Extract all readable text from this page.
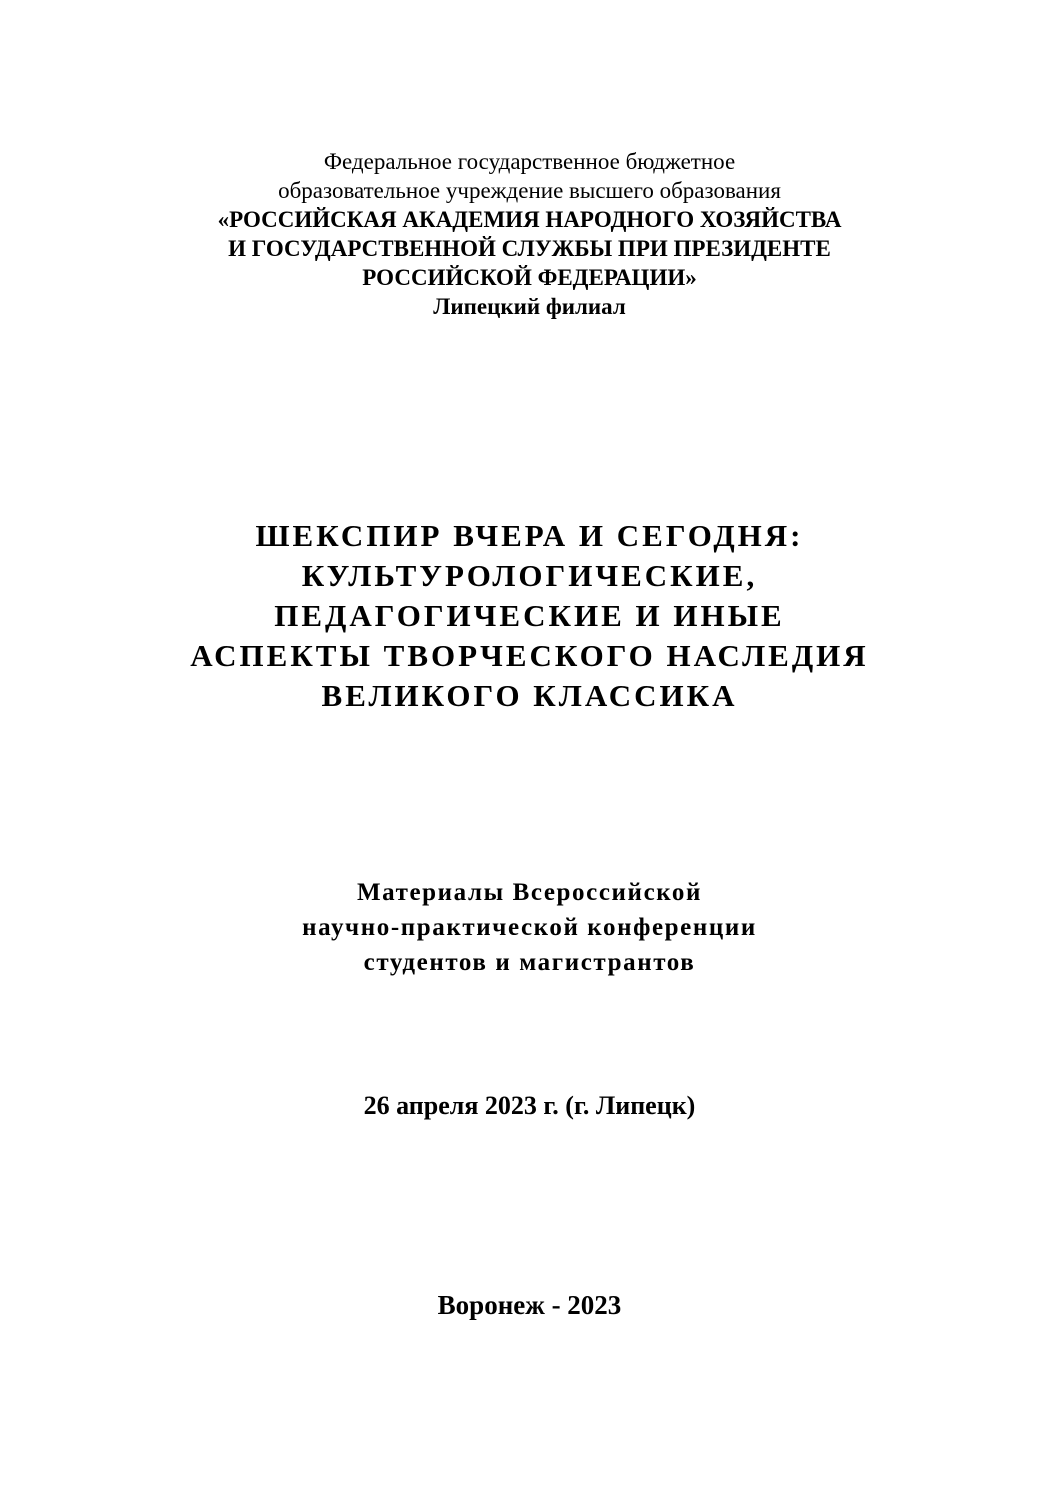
Федеральное государственное бюджетное
образовательное учреждение высшего образования
«РОССИЙСКАЯ АКАДЕМИЯ НАРОДНОГО ХОЗЯЙСТВА
И ГОСУДАРСТВЕННОЙ СЛУЖБЫ ПРИ ПРЕЗИДЕНТЕ
РОССИЙСКОЙ ФЕДЕРАЦИИ»
Липецкий филиал
ШЕКСПИР ВЧЕРА И СЕГОДНЯ:
КУЛЬТУРОЛОГИЧЕСКИЕ,
ПЕДАГОГИЧЕСКИЕ И ИНЫЕ
АСПЕКТЫ ТВОРЧЕСКОГО НАСЛЕДИЯ
ВЕЛИКОГО КЛАССИКА
Материалы Всероссийской
научно-практической конференции
студентов и магистрантов
26 апреля 2023 г. (г. Липецк)
Воронеж - 2023
